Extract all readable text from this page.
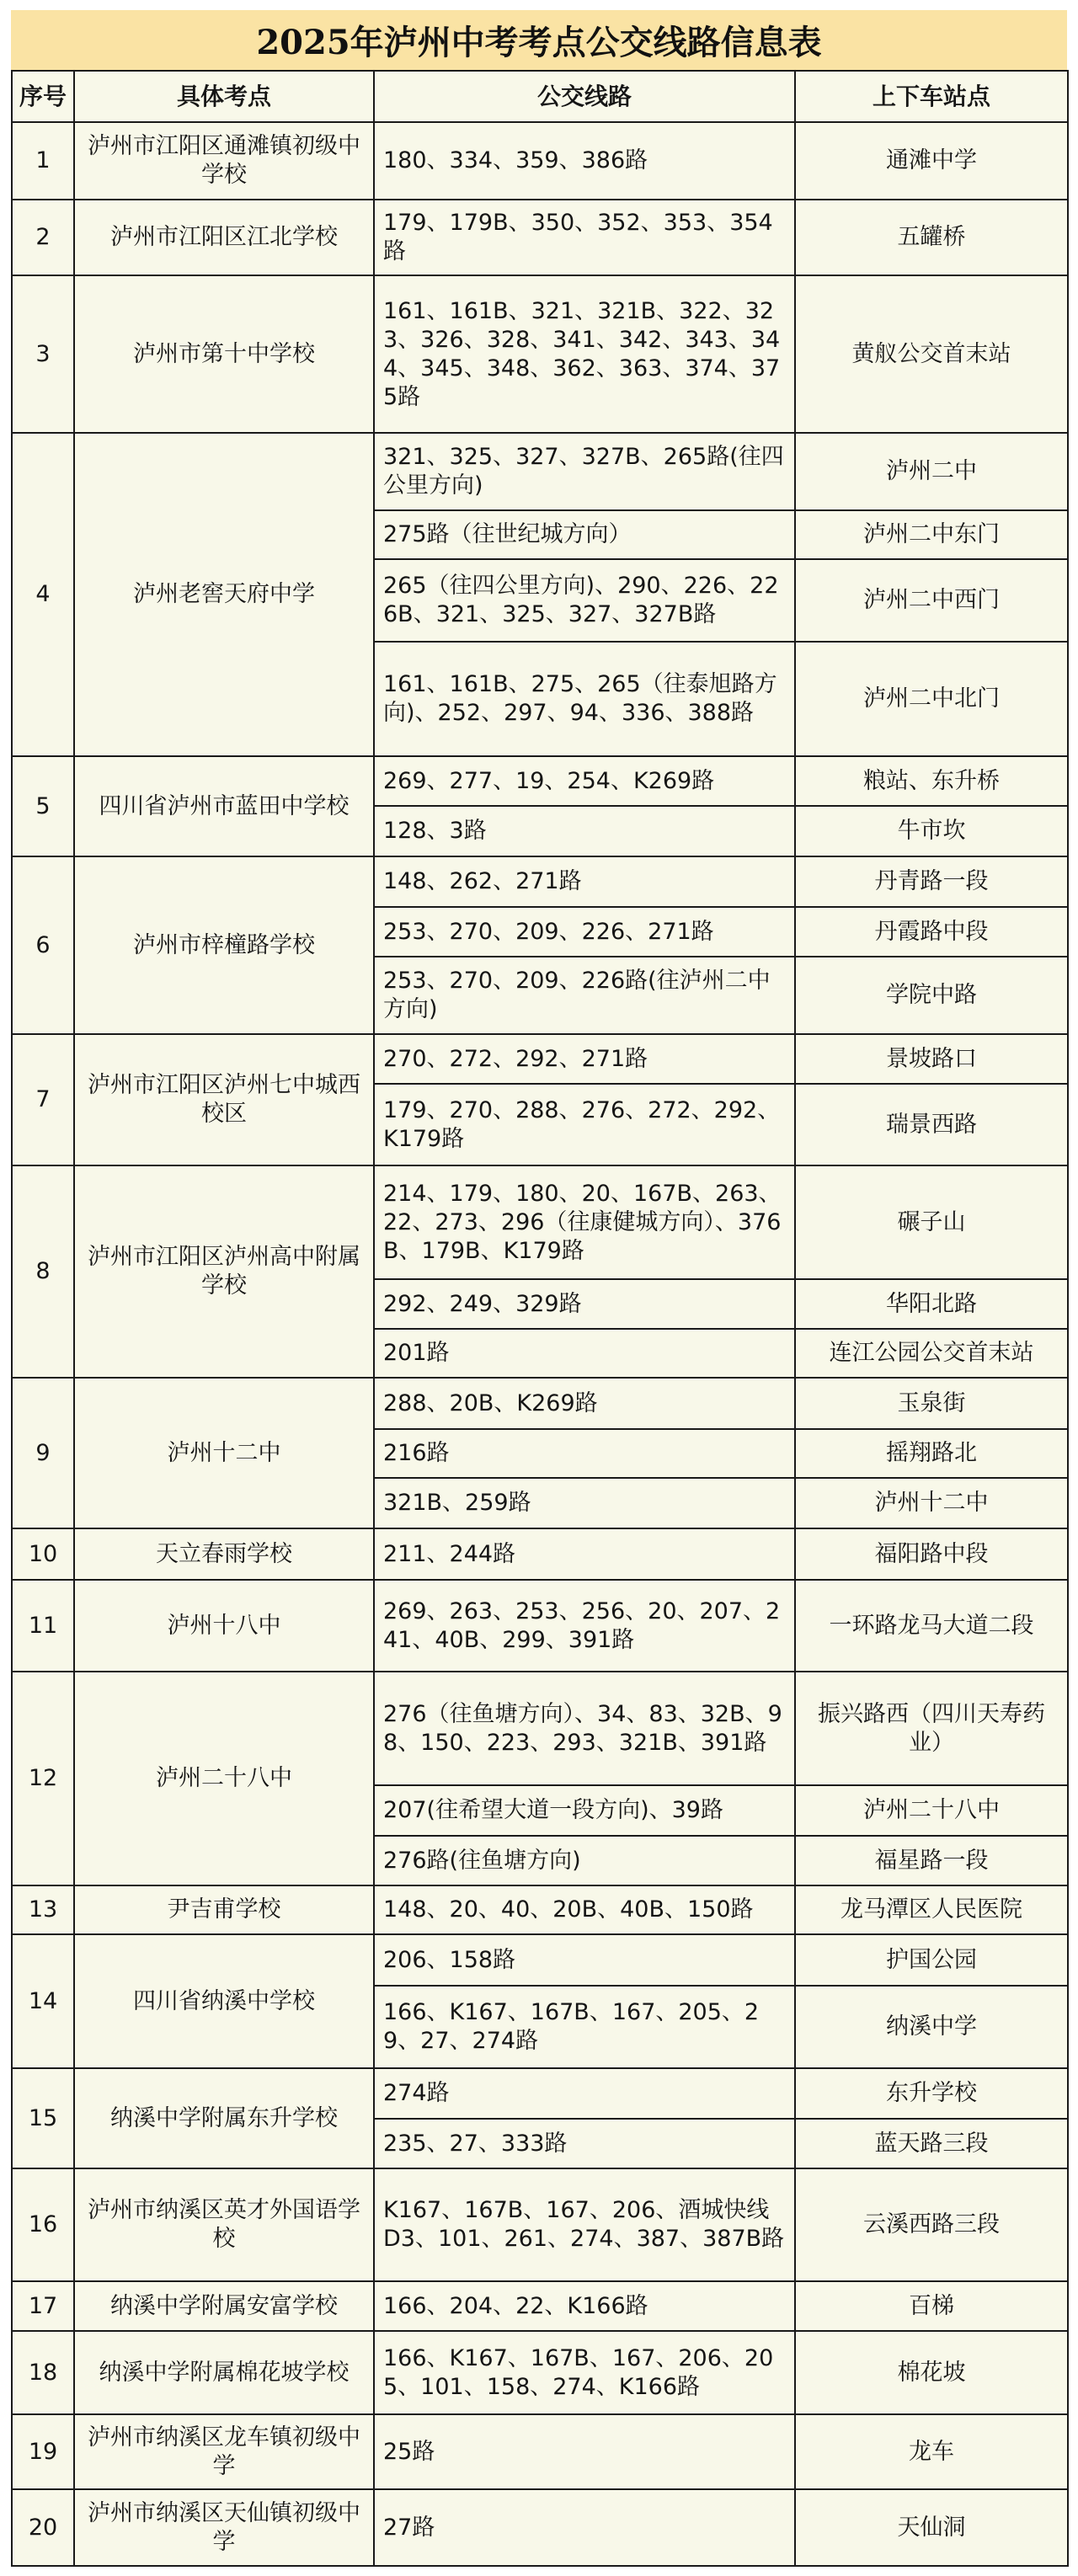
2025年泸州中考考点公交线路信息表
序号	具体考点	公交线路	上下车站点
1	泸州市江阳区通滩镇初级中学校	180、334、359、386路	通滩中学
2	泸州市江阳区江北学校	179、179B、350、352、353、354路	五罐桥
3	泸州市第十中学校	161、161B、321、321B、322、323、326、328、341、342、343、344、345、348、362、363、374、375路	黄舣公交首末站
4	泸州老窖天府中学	321、325、327、327B、265路(往四公里方向)	泸州二中
		275路（往世纪城方向）	泸州二中东门
		265（往四公里方向)、290、226、226B、321、325、327、327B路	泸州二中西门
		161、161B、275、265（往泰旭路方向)、252、297、94、336、388路	泸州二中北门
5	四川省泸州市蓝田中学校	269、277、19、254、K269路	粮站、东升桥
		128、3路	牛市坎
6	泸州市梓橦路学校	148、262、271路	丹青路一段
		253、270、209、226、271路	丹霞路中段
		253、270、209、226路(往泸州二中方向)	学院中路
7	泸州市江阳区泸州七中城西校区	270、272、292、271路	景坡路口
		179、270、288、276、272、292、K179路	瑞景西路
8	泸州市江阳区泸州高中附属学校	214、179、180、20、167B、263、22、273、296（往康健城方向）、376B、179B、K179路	碾子山
		292、249、329路	华阳北路
		201路	连江公园公交首末站
9	泸州十二中	288、20B、K269路	玉泉街
		216路	摇翔路北
		321B、259路	泸州十二中
10	天立春雨学校	211、244路	福阳路中段
11	泸州十八中	269、263、253、256、20、207、241、40B、299、391路	一环路龙马大道二段
12	泸州二十八中	276（往鱼塘方向）、34、83、32B、98、150、223、293、321B、391路	振兴路西（四川天寿药业）
		207(往希望大道一段方向)、39路	泸州二十八中
		276路(往鱼塘方向)	福星路一段
13	尹吉甫学校	148、20、40、20B、40B、150路	龙马潭区人民医院
14	四川省纳溪中学校	206、158路	护国公园
		166、K167、167B、167、205、29、27、274路	纳溪中学
15	纳溪中学附属东升学校	274路	东升学校
		235、27、333路	蓝天路三段
16	泸州市纳溪区英才外国语学校	K167、167B、167、206、酒城快线 D3、101、261、274、387、387B路	云溪西路三段
17	纳溪中学附属安富学校	166、204、22、K166路	百梯
18	纳溪中学附属棉花坡学校	166、K167、167B、167、206、205、101、158、274、K166路	棉花坡
19	泸州市纳溪区龙车镇初级中学	25路	龙车
20	泸州市纳溪区天仙镇初级中学	27路	天仙洞
